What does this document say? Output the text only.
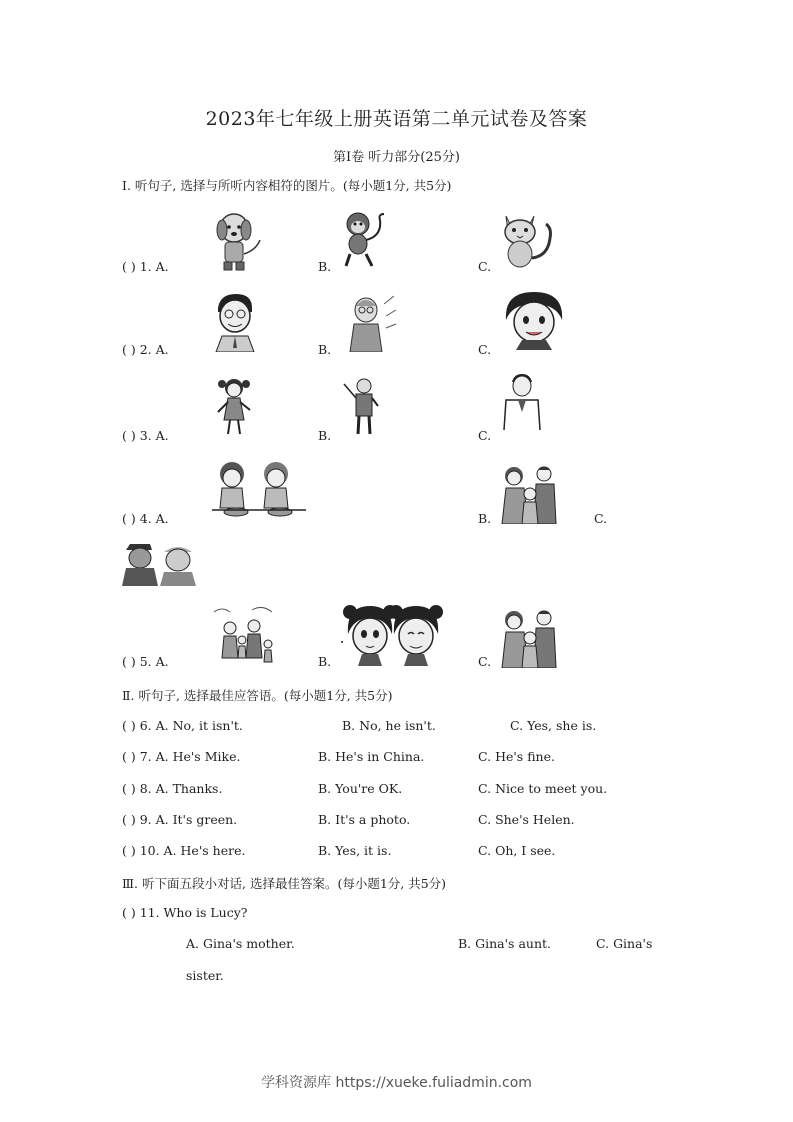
2023年七年级上册英语第二单元试卷及答案
第Ⅰ卷 听力部分(25分)
Ⅰ. 听句子, 选择与所听内容相符的图片。(每小题1分, 共5分)
( ) 1. A.	B.	C.
( ) 2. A.	B.	C.
( ) 3. A.	B.	C.
( ) 4. A.	B.	C.
( ) 5. A.	B.	C.
Ⅱ. 听句子, 选择最佳应答语。(每小题1分, 共5分)
( ) 6. A. No, it isn't.	B. No, he isn't.	C. Yes, she is.
( ) 7. A. He's Mike.	B. He's in China.	C. He's fine.
( ) 8. A. Thanks.	B. You're OK.	C. Nice to meet you.
( ) 9. A. It's green.	B. It's a photo.	C. She's Helen.
( ) 10. A. He's here.	B. Yes, it is.	C. Oh, I see.
Ⅲ. 听下面五段小对话, 选择最佳答案。(每小题1分, 共5分)
( ) 11. Who is Lucy?
A. Gina's mother.	B. Gina's aunt.	C. Gina's
sister.
学科资源库 https://xueke.fuliadmin.com
